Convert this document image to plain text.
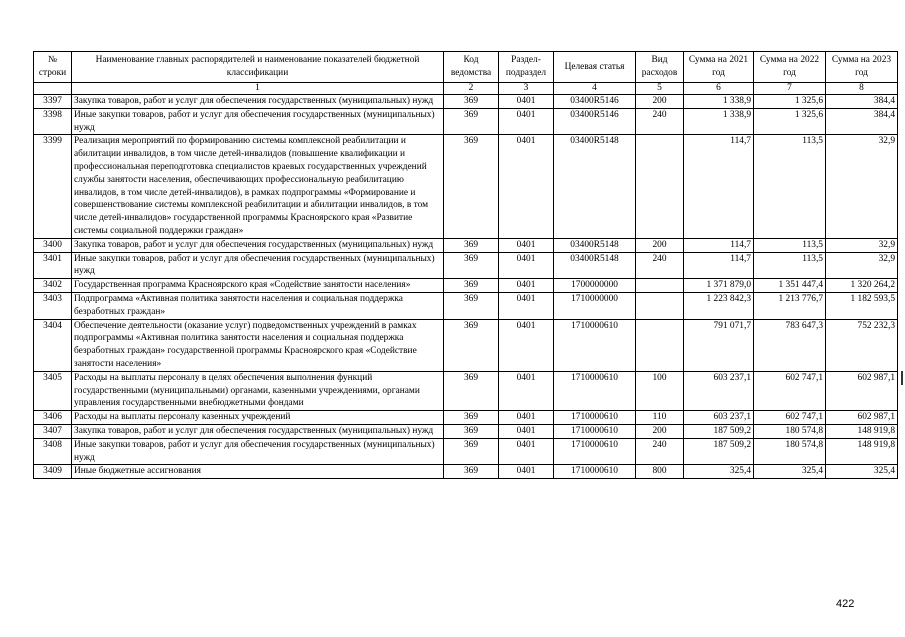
№ строки	Наименование главных распорядителей и наименование показателей бюджетной классификации	Код ведомства	Раздел-подраздел	Целевая статья	Вид расходов	Сумма на 2021 год	Сумма на 2022 год	Сумма на 2023 год
	1	2	3	4	5	6	7	8
3397	Закупка товаров, работ и услуг для обеспечения государственных (муниципальных) нужд	369	0401	03400R5146	200	1 338,9	1 325,6	384,4
3398	Иные закупки товаров, работ и услуг для обеспечения государственных (муниципальных) нужд	369	0401	03400R5146	240	1 338,9	1 325,6	384,4
3399	Реализация мероприятий по формированию системы комплексной реабилитации и абилитации инвалидов, в том числе детей-инвалидов (повышение квалификации и профессиональная переподготовка специалистов краевых государственных учреждений службы занятости населения, обеспечивающих профессиональную реабилитацию инвалидов, в том числе детей-инвалидов), в рамках подпрограммы «Формирование и совершенствование системы комплексной реабилитации и абилитации инвалидов, в том числе детей-инвалидов» государственной программы Красноярского края «Развитие системы социальной поддержки граждан»	369	0401	03400R5148		114,7	113,5	32,9
3400	Закупка товаров, работ и услуг для обеспечения государственных (муниципальных) нужд	369	0401	03400R5148	200	114,7	113,5	32,9
3401	Иные закупки товаров, работ и услуг для обеспечения государственных (муниципальных) нужд	369	0401	03400R5148	240	114,7	113,5	32,9
3402	Государственная программа Красноярского края «Содействие занятости населения»	369	0401	1700000000		1 371 879,0	1 351 447,4	1 320 264,2
3403	Подпрограмма «Активная политика занятости населения и социальная поддержка безработных граждан»	369	0401	1710000000		1 223 842,3	1 213 776,7	1 182 593,5
3404	Обеспечение деятельности (оказание услуг) подведомственных учреждений в рамках подпрограммы «Активная политика занятости населения и социальная поддержка безработных граждан» государственной программы Красноярского края «Содействие занятости населения»	369	0401	1710000610		791 071,7	783 647,3	752 232,3
3405	Расходы на выплаты персоналу в целях обеспечения выполнения функций государственными (муниципальными) органами, казенными учреждениями, органами управления государственными внебюджетными фондами	369	0401	1710000610	100	603 237,1	602 747,1	602 987,1
3406	Расходы на выплаты персоналу казенных учреждений	369	0401	1710000610	110	603 237,1	602 747,1	602 987,1
3407	Закупка товаров, работ и услуг для обеспечения государственных (муниципальных) нужд	369	0401	1710000610	200	187 509,2	180 574,8	148 919,8
3408	Иные закупки товаров, работ и услуг для обеспечения государственных (муниципальных) нужд	369	0401	1710000610	240	187 509,2	180 574,8	148 919,8
3409	Иные бюджетные ассигнования	369	0401	1710000610	800	325,4	325,4	325,4
422
